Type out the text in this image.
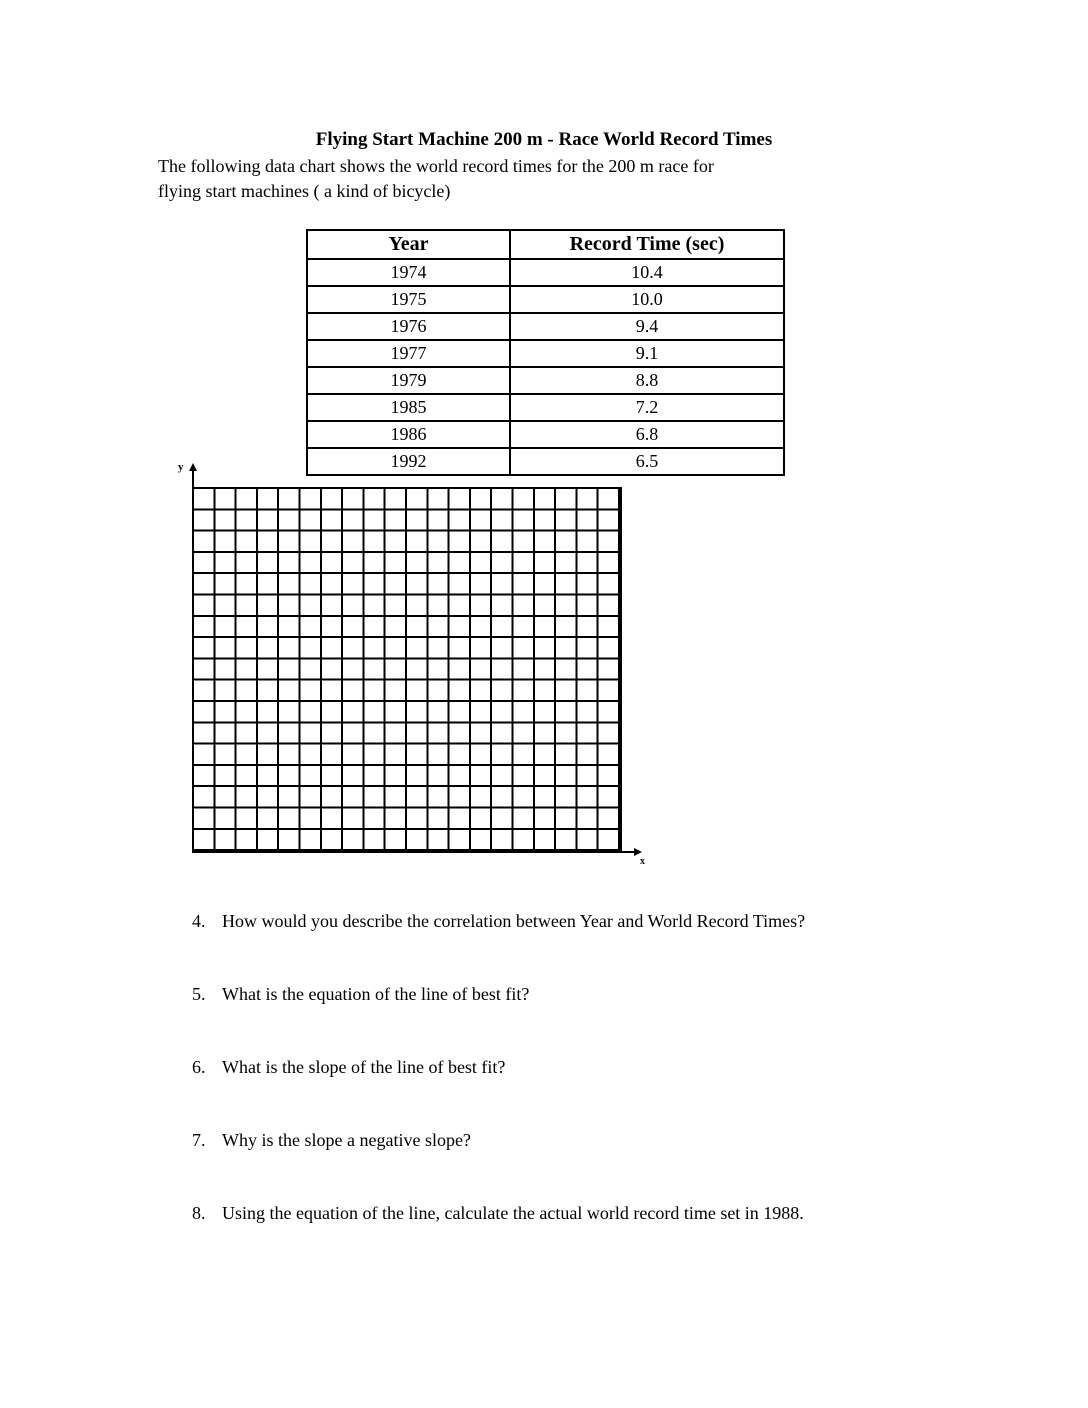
Flying Start Machine 200 m - Race World Record Times
The following data chart shows the world record times for the 200 m race for
flying start machines ( a kind of bicycle)
Year	Record Time (sec)
1974	10.4
1975	10.0
1976	9.4
1977	9.1
1979	8.8
1985	7.2
1986	6.8
1992	6.5
y
x
4. How would you describe the correlation between Year and World Record Times?
5. What is the equation of the line of best fit?
6. What is the slope of the line of best fit?
7. Why is the slope a negative slope?
8. Using the equation of the line, calculate the actual world record time set in 1988.
